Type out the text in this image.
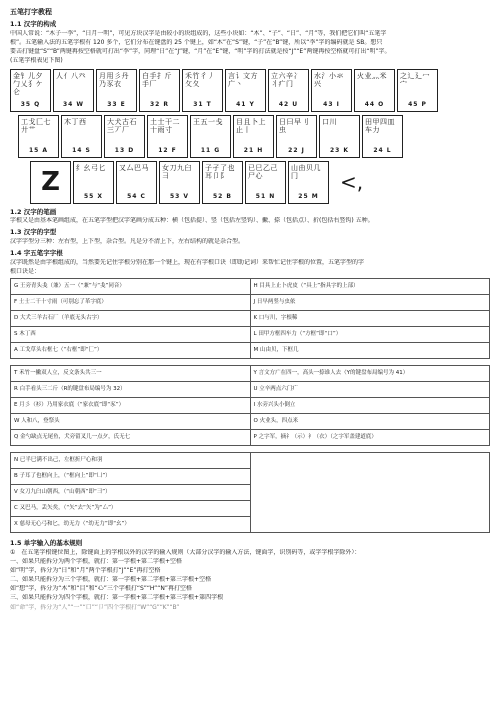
五笔打字教程
1.1 汉字的构成
中国人常说：“木子一李”，“日月一明”，可见方块汉字是由较小的块组成的，这些小块如：“木”、“子”、“日”、“月”等，我们把它们叫“五笔字
根”。五笔输入法的五笔字根有 120 多个，它们分布在键盘的 25 个键上，如“木”在“S”键，“子”在“B”键，所以“李”字的编码就是 SB。想只
要击打键盘“S”“B”两键再按空格就可打出“李”字，同理“日”在“J”键，“月”在“E”键，“明”字的打法就是按“J”“E”两键再按空格就可打出“明”字。
(五笔字根表见下图)
金钅儿夕勹乂犭ケ仑
35 Q
人亻八癶
34 W
月用彡丹乃豕衣
33 E
白手扌斤手厂
32 R
禾竹彳丿攵夂
31 T
言讠文方广丶
41 Y
立六辛冫丬疒门
42 U
水氵小氺兴
43 I
火业灬米
44 O
之辶廴冖宀
45 P
工戈匚七廾艹
15 A
木丁西
14 S
大犬古石三丆厂
13 D
土士干二十雨寸
12 F
王五一戋
11 G
目且卜上止丨
21 H
日曰早刂虫
22 J
口川
23 K
田甲四皿车力
24 L
Z 纟幺弓匕
55 X
又厶巴马
54 C
女刀九臼彐
53 V
子孑了也耳卩阝
52 B
已巳乙己尸心
51 N
山由贝几冂
25 M
<,
1.2 汉字的笔画
字根又是由基本笔画组成，在五笔字型把汉字笔画分成五种：横（包括提）、竖（包括左竖钩）、撇、捺（包括点）、折(包括右竖钩) 五种。
1.3 汉字的字型
汉字字型分三种：左右型，上下型，杂合型。凡是分不清上下，左右结构的就是杂合型。
1.4 字五笔字字根
汉字既然是由字根组成的，当然要先记住字根分别在那一个键上，现在有字根口诀（即助记词）来帮忙记住字根的位置，五笔字型的字
根口诀是：
G 王旁青头戋（兼）五一（“兼”与“戋”同音）	H 目具上止卜虎皮（“具上”指具字的上部）
F 土士二干十寸雨（可别忘了革字底）	J 日早两竖与虫依
D 大犬三羊古石厂（羊底无头古字）	K 口与川，字根稀
S 木丁西	L 田甲方框四车力（“方框”即“口”）
A 工戈草头右框七（“右框”即“匚”）	M 山由贝，下框几
T 禾竹一撇双人立，反文条头共三一	Y 言文方广在四一，高头一捺谁人去（Y的键盘布局编号为 41）
R 白手看头三二斤（R的键盘布局编号为 32）	U 立辛两点六门疒
E 月彡（衫）乃用家衣底（“家衣底”即“豕”）	I 水旁兴头小倒立
W 人和八，登祭头	O 火业头，四点米
Q 金勺缺点无尾鱼，犬旁留叉儿一点夕，氏无七	P 之字军，摘礻（示）衤（衣）（之字军盖建道底）
N 已半巳满不出己，左框折尸心和羽	
B 子耳了也框向上，（“框向上”即“凵”）
V 女刀九臼山朝西，（“山朝西”即“彐”）
C 又巴马，丢矢矣，（“矢”去“矢”为“厶”）
X 慈母无心弓和匕，幼无力（“幼无力”即“幺”）
1.5 单字输入的基本规则
①　在五笔字根键位图上，除键面上的字根以外的汉字的输入规则（大部分汉字的输入方法，键面字，识别码等，或字字根字除外）：
一、如果只能拆分为两个字根，就打：第一字根+第二字根+空格
如“明”字，拆分为“日”和“月”两个字根打“J”“E”再打空格
二、如果只能拆分为三个字根，就打：第一字根+第二字根+第三字根+空格
如“想”字，拆分为“木”和“目”和“心”三个字根打“S”“H”“N”再打空格
三、如果只能拆分为四个字根，就打：第一字根+第二字根+第三字根+第四字根
如“命”字，拆分为“人”“一”“口”“卩”四个字根打“W”“G”“K”“B”
